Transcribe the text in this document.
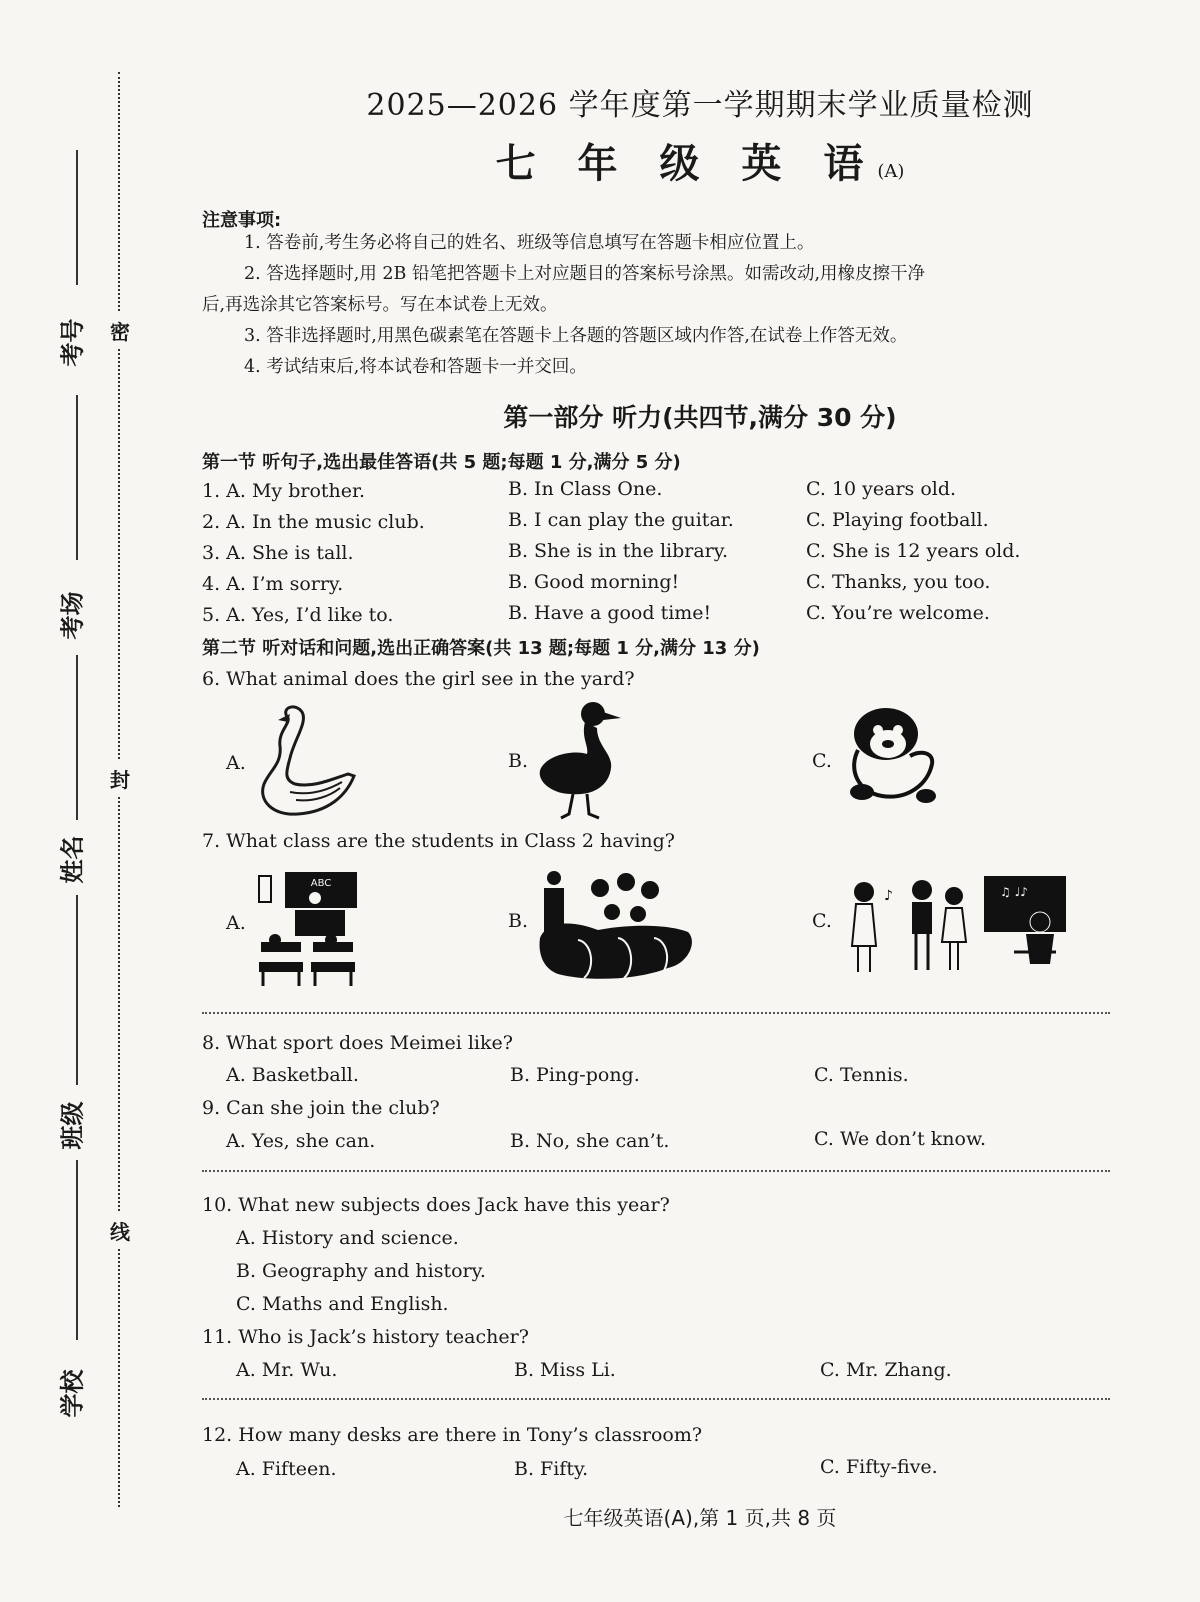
密
封
线
考号
考场
姓名
班级
学校
2025—2026 学年度第一学期期末学业质量检测
七 年 级 英 语(A)
注意事项:

1. 答卷前,考生务必将自己的姓名、班级等信息填写在答题卡相应位置上。

2. 答选择题时,用 2B 铅笔把答题卡上对应题目的答案标号涂黑。如需改动,用橡皮擦干净

后,再选涂其它答案标号。写在本试卷上无效。

3. 答非选择题时,用黑色碳素笔在答题卡上各题的答题区域内作答,在试卷上作答无效。

4. 考试结束后,将本试卷和答题卡一并交回。

第一部分 听力(共四节,满分 30 分)
第一节 听句子,选出最佳答语(共 5 题;每题 1 分,满分 5 分)
1. A. My brother.	B. In Class One.	C. 10 years old.
2. A. In the music club.	B. I can play the guitar.	C. Playing football.
3. A. She is tall.	B. She is in the library.	C. She is 12 years old.
4. A. I’m sorry.	B. Good morning!	C. Thanks, you too.
5. A. Yes, I’d like to.	B. Have a good time!	C. You’re welcome.
第二节 听对话和问题,选出正确答案(共 13 题;每题 1 分,满分 13 分)
6. What animal does the girl see in the yard?
A.	B.	C.
7. What class are the students in Class 2 having?
A.	B.	C.
ABC
♪	♫ ♩♪
8. What sport does Meimei like?
A. Basketball.	B. Ping-pong.	C. Tennis.
9. Can she join the club?
A. Yes, she can.	B. No, she can’t.	C. We don’t know.
10. What new subjects does Jack have this year?
A. History and science.
B. Geography and history.
C. Maths and English.
11. Who is Jack’s history teacher?
A. Mr. Wu.	B. Miss Li.	C. Mr. Zhang.
12. How many desks are there in Tony’s classroom?
A. Fifteen.	B. Fifty.	C. Fifty-five.
七年级英语(A),第 1 页,共 8 页
